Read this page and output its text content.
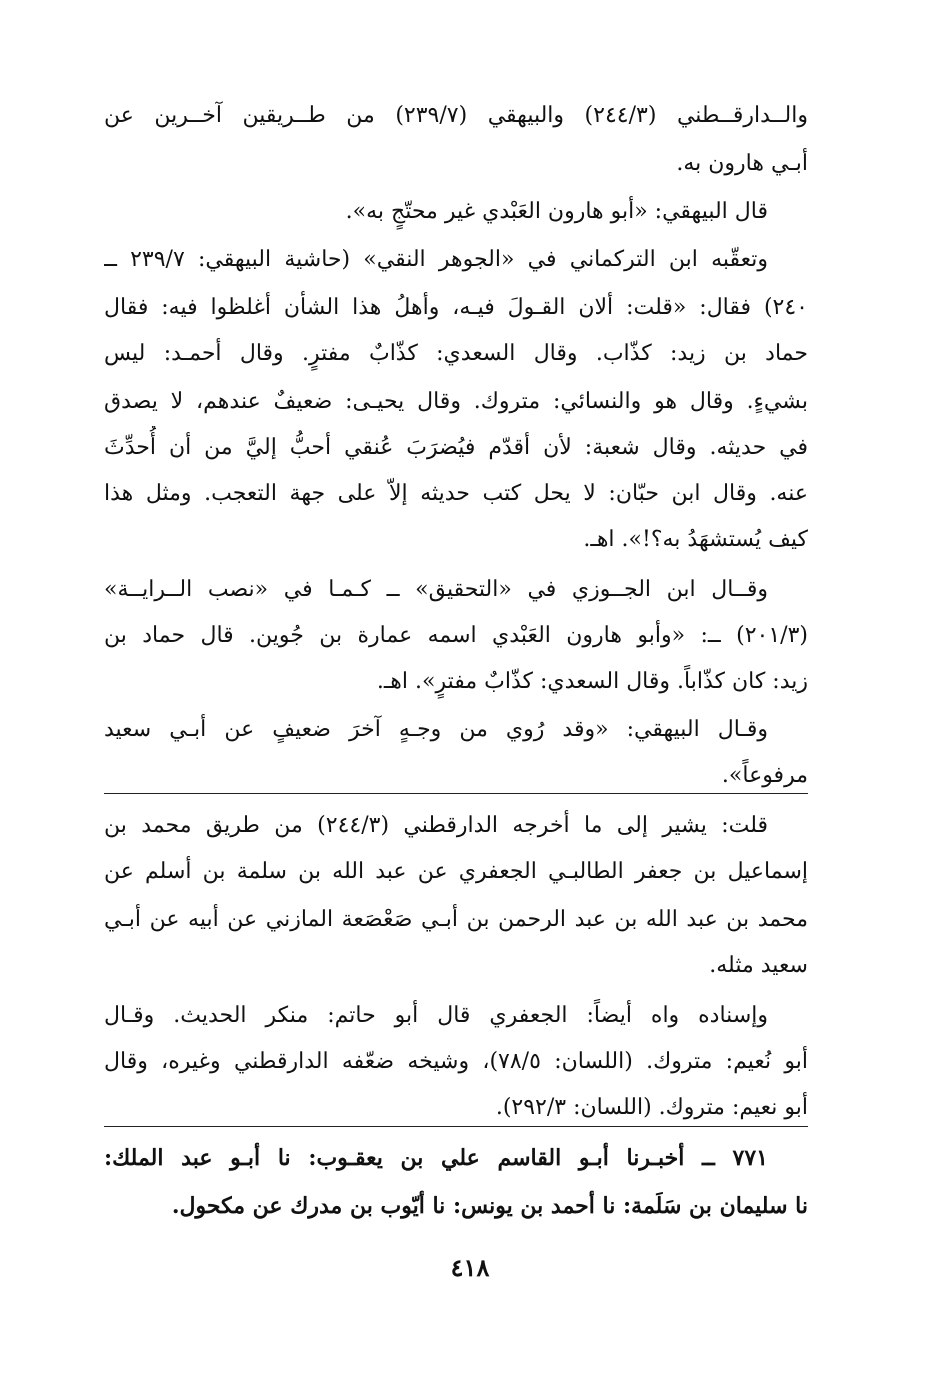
والــدارقــطني (٢٤٤/٣) والبيهقي (٢٣٩/٧) من طــريقين آخــرين عن
أبـي هارون به.
قال البيهقي: «أبو هارون العَبْدي غير محتّجٍ به».
وتعقّبه ابن التركماني في «الجوهر النقي» (حاشية البيهقي: ٢٣٩/٧ ــ
٢٤٠) فقال: «قلت: ألان القـولَ فيـه، وأهلُ هذا الشأن أغلظوا فيه: فقال
حماد بن زيد: كذّاب. وقال السعدي: كذّابٌ مفترٍ. وقال أحمـد: ليس
بشيءٍ. وقال هو والنسائي: متروك. وقال يحيـى: ضعيفٌ عندهم، لا يصدق
في حديثه. وقال شعبة: لأن أقدّم فيُضرَبَ عُنقي أحبُّ إليَّ من أن أُحدِّثَ
عنه. وقال ابن حبّان: لا يحل كتب حديثه إلاّ على جهة التعجب. ومثل هذا
كيف يُستشهَدُ به؟!». اهـ.
وقــال ابن الجــوزي في «التحقيق» ــ كـمـا في «نصب الــرايــة»
(٢٠١/٣) ــ: «وأبو هارون العَبْدي اسمه عمارة بن جُوين. قال حماد بن
زيد: كان كذّاباً. وقال السعدي: كذّابٌ مفترٍ». اهـ.
وقـال البيهقي: «وقد رُوي من وجـهٍ آخرَ ضعيفٍ عن أبـي سعيد
مرفوعاً».
قلت: يشير إلى ما أخرجه الدارقطني (٢٤٤/٣) من طريق محمد بن
إسماعيل بن جعفر الطالبـي الجعفري عن عبد الله بن سلمة بن أسلم عن
محمد بن عبد الله بن عبد الرحمن بن أبـي صَعْصَعة المازني عن أبيه عن أبـي
سعيد مثله.
وإسناده واه أيضاً: الجعفري قال أبو حاتم: منكر الحديث. وقـال
أبو نُعيم: متروك. (اللسان: ٧٨/٥)، وشيخه ضعّفه الدارقطني وغيره، وقال
أبو نعيم: متروك. (اللسان: ٢٩٢/٣).
٧٧١ ــ أخبـرنا أبـو القاسم علي بن يعقـوب: نا أبـو عبد الملك:
نا سليمان بن سَلَمة: نا أحمد بن يونس: نا أيّوب بن مدرك عن مكحول.
٤١٨
